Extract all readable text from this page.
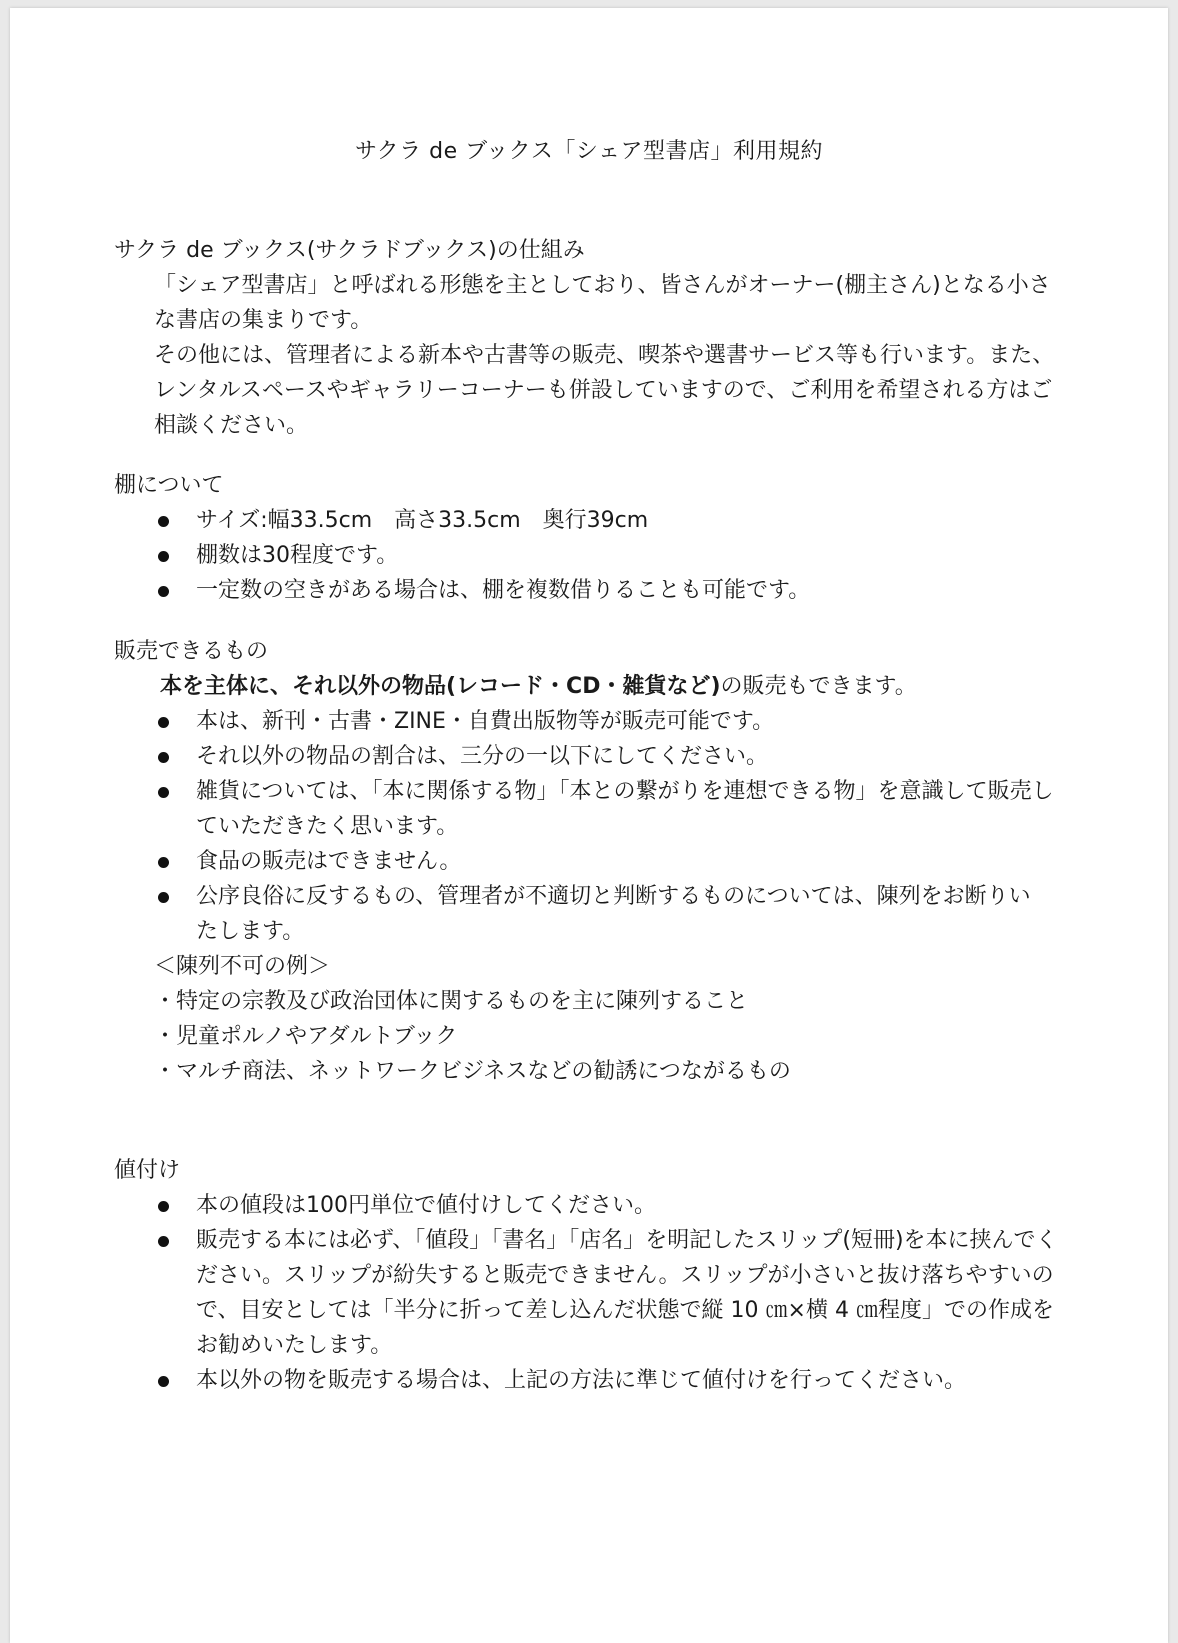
サクラ de ブックス「シェア型書店」利用規約
サクラ de ブックス(サクラドブックス)の仕組み

「シェア型書店」と呼ばれる形態を主としており、皆さんがオーナー(棚主さん)となる小さ

な書店の集まりです。

その他には、管理者による新本や古書等の販売、喫茶や選書サービス等も行います。また、

レンタルスペースやギャラリーコーナーも併設していますので、ご利用を希望される方はご

相談ください。

棚について
サイズ:幅33.5cm　高さ33.5cm　奥行39cm
棚数は30程度です。
一定数の空きがある場合は、棚を複数借りることも可能です。
販売できるもの

本を主体に、それ以外の物品(レコード・CD・雑貨など)の販売もできます。

本は、新刊・古書・ZINE・自費出版物等が販売可能です。
それ以外の物品の割合は、三分の一以下にしてください。
雑貨については、「本に関係する物」「本との繋がりを連想できる物」を意識して販売し
ていただきたく思います。
食品の販売はできません。
公序良俗に反するもの、管理者が不適切と判断するものについては、陳列をお断りい
たします。

＜陳列不可の例＞

・特定の宗教及び政治団体に関するものを主に陳列すること

・児童ポルノやアダルトブック

・マルチ商法、ネットワークビジネスなどの勧誘につながるもの

値付け
本の値段は100円単位で値付けしてください。
販売する本には必ず、「値段」「書名」「店名」を明記したスリップ(短冊)を本に挟んでく
ださい。スリップが紛失すると販売できません。スリップが小さいと抜け落ちやすいの
で、目安としては「半分に折って差し込んだ状態で縦 10 ㎝×横 4 ㎝程度」での作成を
お勧めいたします。
本以外の物を販売する場合は、上記の方法に準じて値付けを行ってください。
